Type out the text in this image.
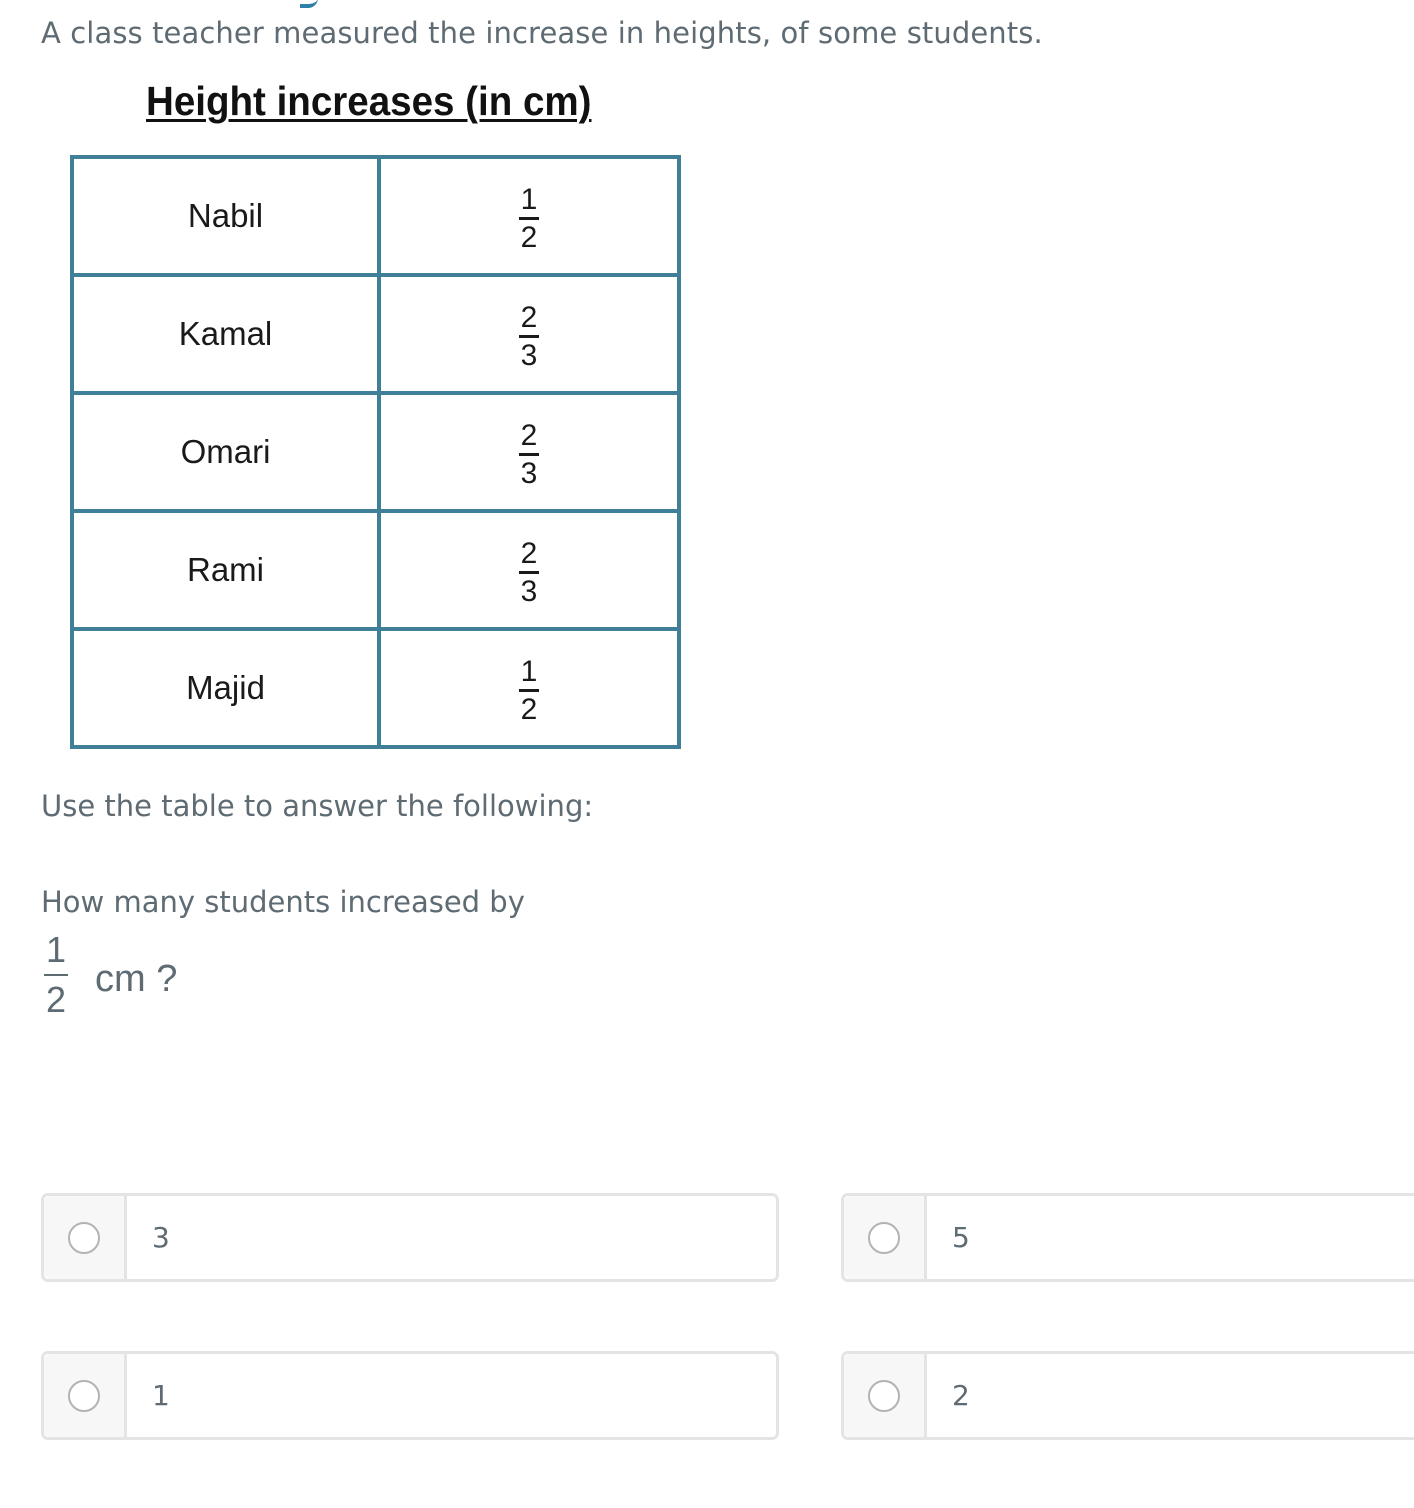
A class teacher measured the increase in heights, of some students.
Height increases (in cm)
Nabil	$\frac{1}{2}$

Kamal	$\frac{2}{3}$

Omari	$\frac{2}{3}$

Rami	$\frac{2}{3}$

Majid	$\frac{1}{2}$
Use the table to answer the following:
How many students increased by
$\frac{1}{2}$ cm ?
3	5
1	2
